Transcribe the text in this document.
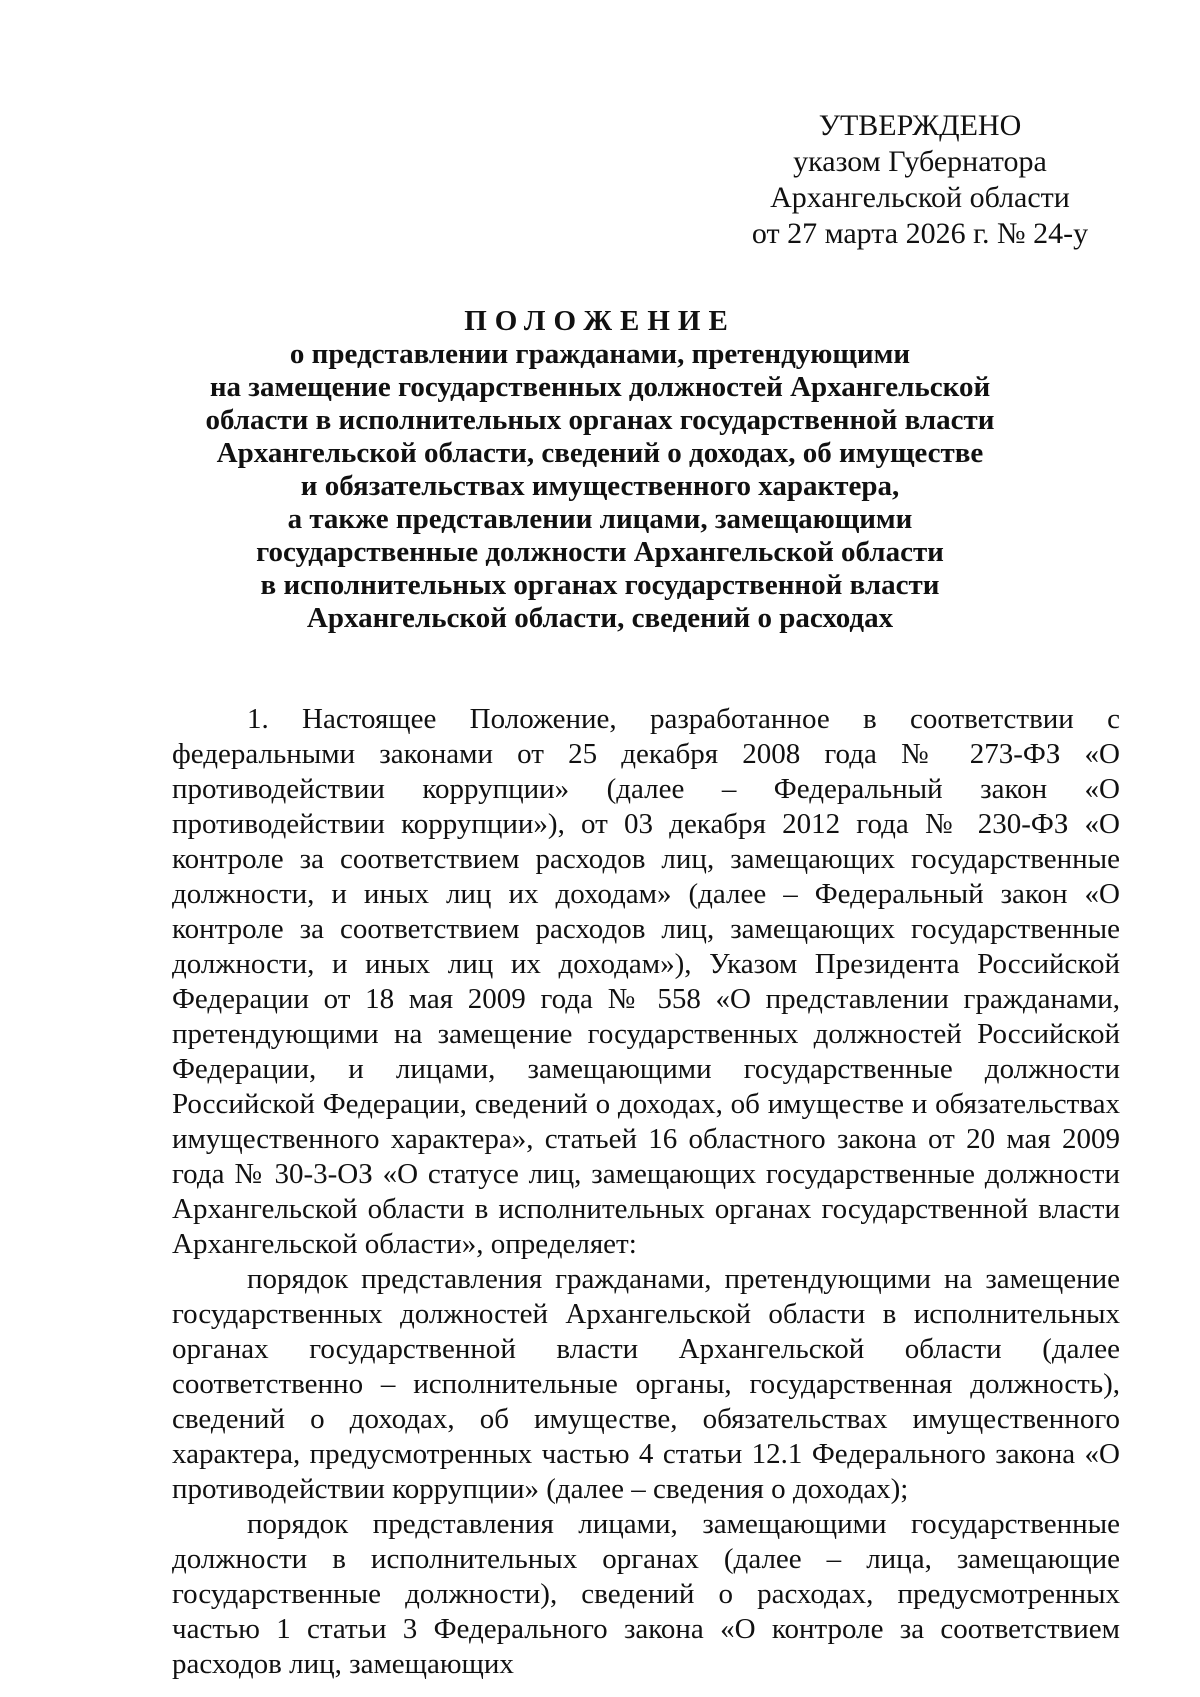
УТВЕРЖДЕНО
указом Губернатора
Архангельской области
от 27 марта 2026 г. № 24-у
ПОЛОЖЕНИЕ
о представлении гражданами, претендующими
на замещение государственных должностей Архангельской
области в исполнительных органах государственной власти
Архангельской области, сведений о доходах, об имуществе
и обязательствах имущественного характера,
а также представлении лицами, замещающими
государственные должности Архангельской области
в исполнительных органах государственной власти
Архангельской области, сведений о расходах

1. Настоящее Положение, разработанное в соответствии с федеральными законами от 25 декабря 2008 года № 273-ФЗ «О противодействии коррупции» (далее – Федеральный закон «О противодействии коррупции»), от 03 декабря 2012 года № 230-ФЗ «О контроле за соответствием расходов лиц, замещающих государственные должности, и иных лиц их доходам» (далее – Федеральный закон «О контроле за соответствием расходов лиц, замещающих государственные должности, и иных лиц их доходам»), Указом Президента Российской Федерации от 18 мая 2009 года № 558 «О представлении гражданами, претендующими на замещение государственных должностей Российской Федерации, и лицами, замещающими государственные должности Российской Федерации, сведений о доходах, об имуществе и обязательствах имущественного характера», статьей 16 областного закона от 20 мая 2009 года № 30-3-ОЗ «О статусе лиц, замещающих государственные должности Архангельской области в исполнительных органах государственной власти Архангельской области», определяет:

порядок представления гражданами, претендующими на замещение государственных должностей Архангельской области в исполнительных органах государственной власти Архангельской области (далее соответственно – исполнительные органы, государственная должность), сведений о доходах, об имуществе, обязательствах имущественного характера, предусмотренных частью 4 статьи 12.1 Федерального закона «О противодействии коррупции» (далее – сведения о доходах);

порядок представления лицами, замещающими государственные должности в исполнительных органах (далее – лица, замещающие государственные должности), сведений о расходах, предусмотренных частью 1 статьи 3 Федерального закона «О контроле за соответствием расходов лиц, замещающих
